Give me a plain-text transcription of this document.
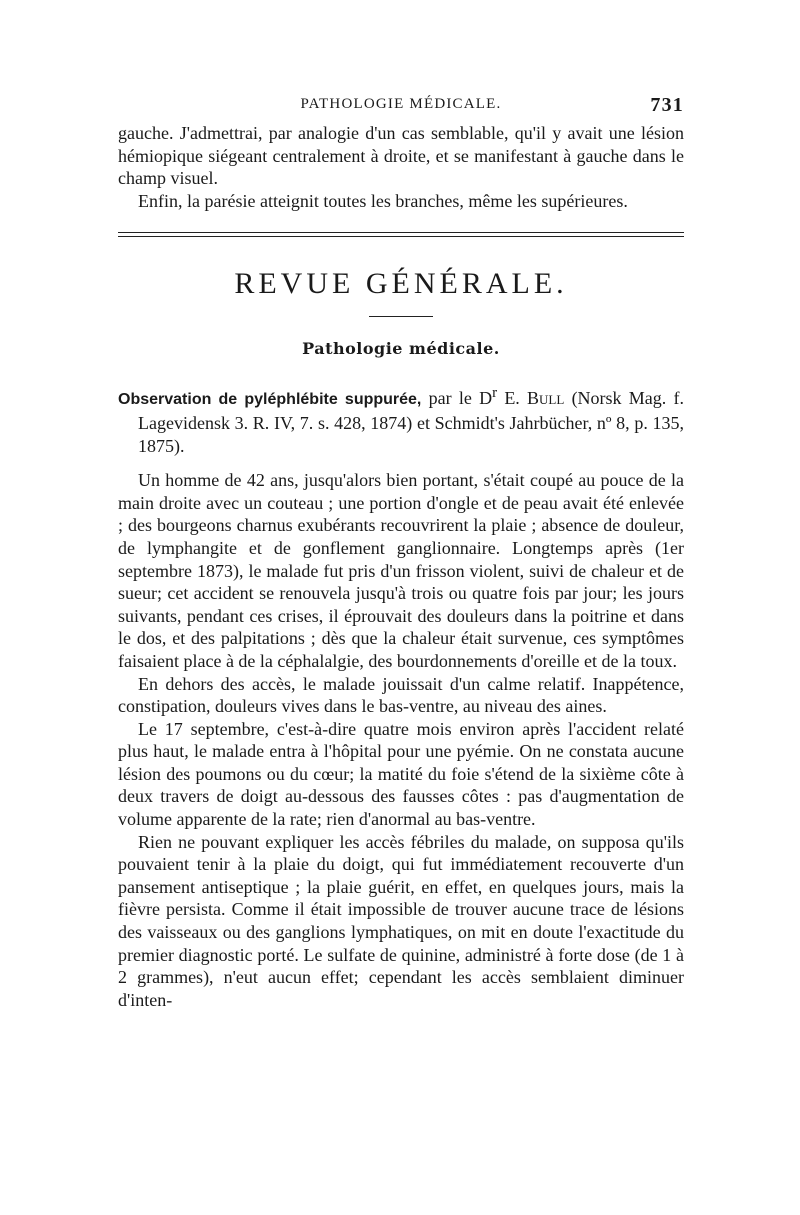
PATHOLOGIE MÉDICALE.	731

gauche. J'admettrai, par analogie d'un cas semblable, qu'il y avait une lésion hémiopique siégeant centralement à droite, et se manifestant à gauche dans le champ visuel.

Enfin, la parésie atteignit toutes les branches, même les supérieures.

REVUE GÉNÉRALE.
Pathologie médicale.
Observation de pyléphlébite suppurée, par le $D^r$ E. Bull (Norsk Mag. f. Lagevidensk 3. R. IV, 7. s. 428, 1874) et Schmidt's Jahrbücher, nº 8, p. 135, 1875).

Un homme de 42 ans, jusqu'alors bien portant, s'était coupé au pouce de la main droite avec un couteau ; une portion d'ongle et de peau avait été enlevée ; des bourgeons charnus exubérants recouvrirent la plaie ; absence de douleur, de lymphangite et de gonflement ganglionnaire. Longtemps après (1er septembre 1873), le malade fut pris d'un frisson violent, suivi de chaleur et de sueur; cet accident se renouvela jusqu'à trois ou quatre fois par jour; les jours suivants, pendant ces crises, il éprouvait des douleurs dans la poitrine et dans le dos, et des palpitations ; dès que la chaleur était survenue, ces symptômes faisaient place à de la céphalalgie, des bourdonnements d'oreille et de la toux.

En dehors des accès, le malade jouissait d'un calme relatif. Inappétence, constipation, douleurs vives dans le bas-ventre, au niveau des aines.

Le 17 septembre, c'est-à-dire quatre mois environ après l'accident relaté plus haut, le malade entra à l'hôpital pour une pyémie. On ne constata aucune lésion des poumons ou du cœur; la matité du foie s'étend de la sixième côte à deux travers de doigt au-dessous des fausses côtes : pas d'augmentation de volume apparente de la rate; rien d'anormal au bas-ventre.

Rien ne pouvant expliquer les accès fébriles du malade, on supposa qu'ils pouvaient tenir à la plaie du doigt, qui fut immédiatement recouverte d'un pansement antiseptique ; la plaie guérit, en effet, en quelques jours, mais la fièvre persista. Comme il était impossible de trouver aucune trace de lésions des vaisseaux ou des ganglions lymphatiques, on mit en doute l'exactitude du premier diagnostic porté. Le sulfate de quinine, administré à forte dose (de 1 à 2 grammes), n'eut aucun effet; cependant les accès semblaient diminuer d'inten-
